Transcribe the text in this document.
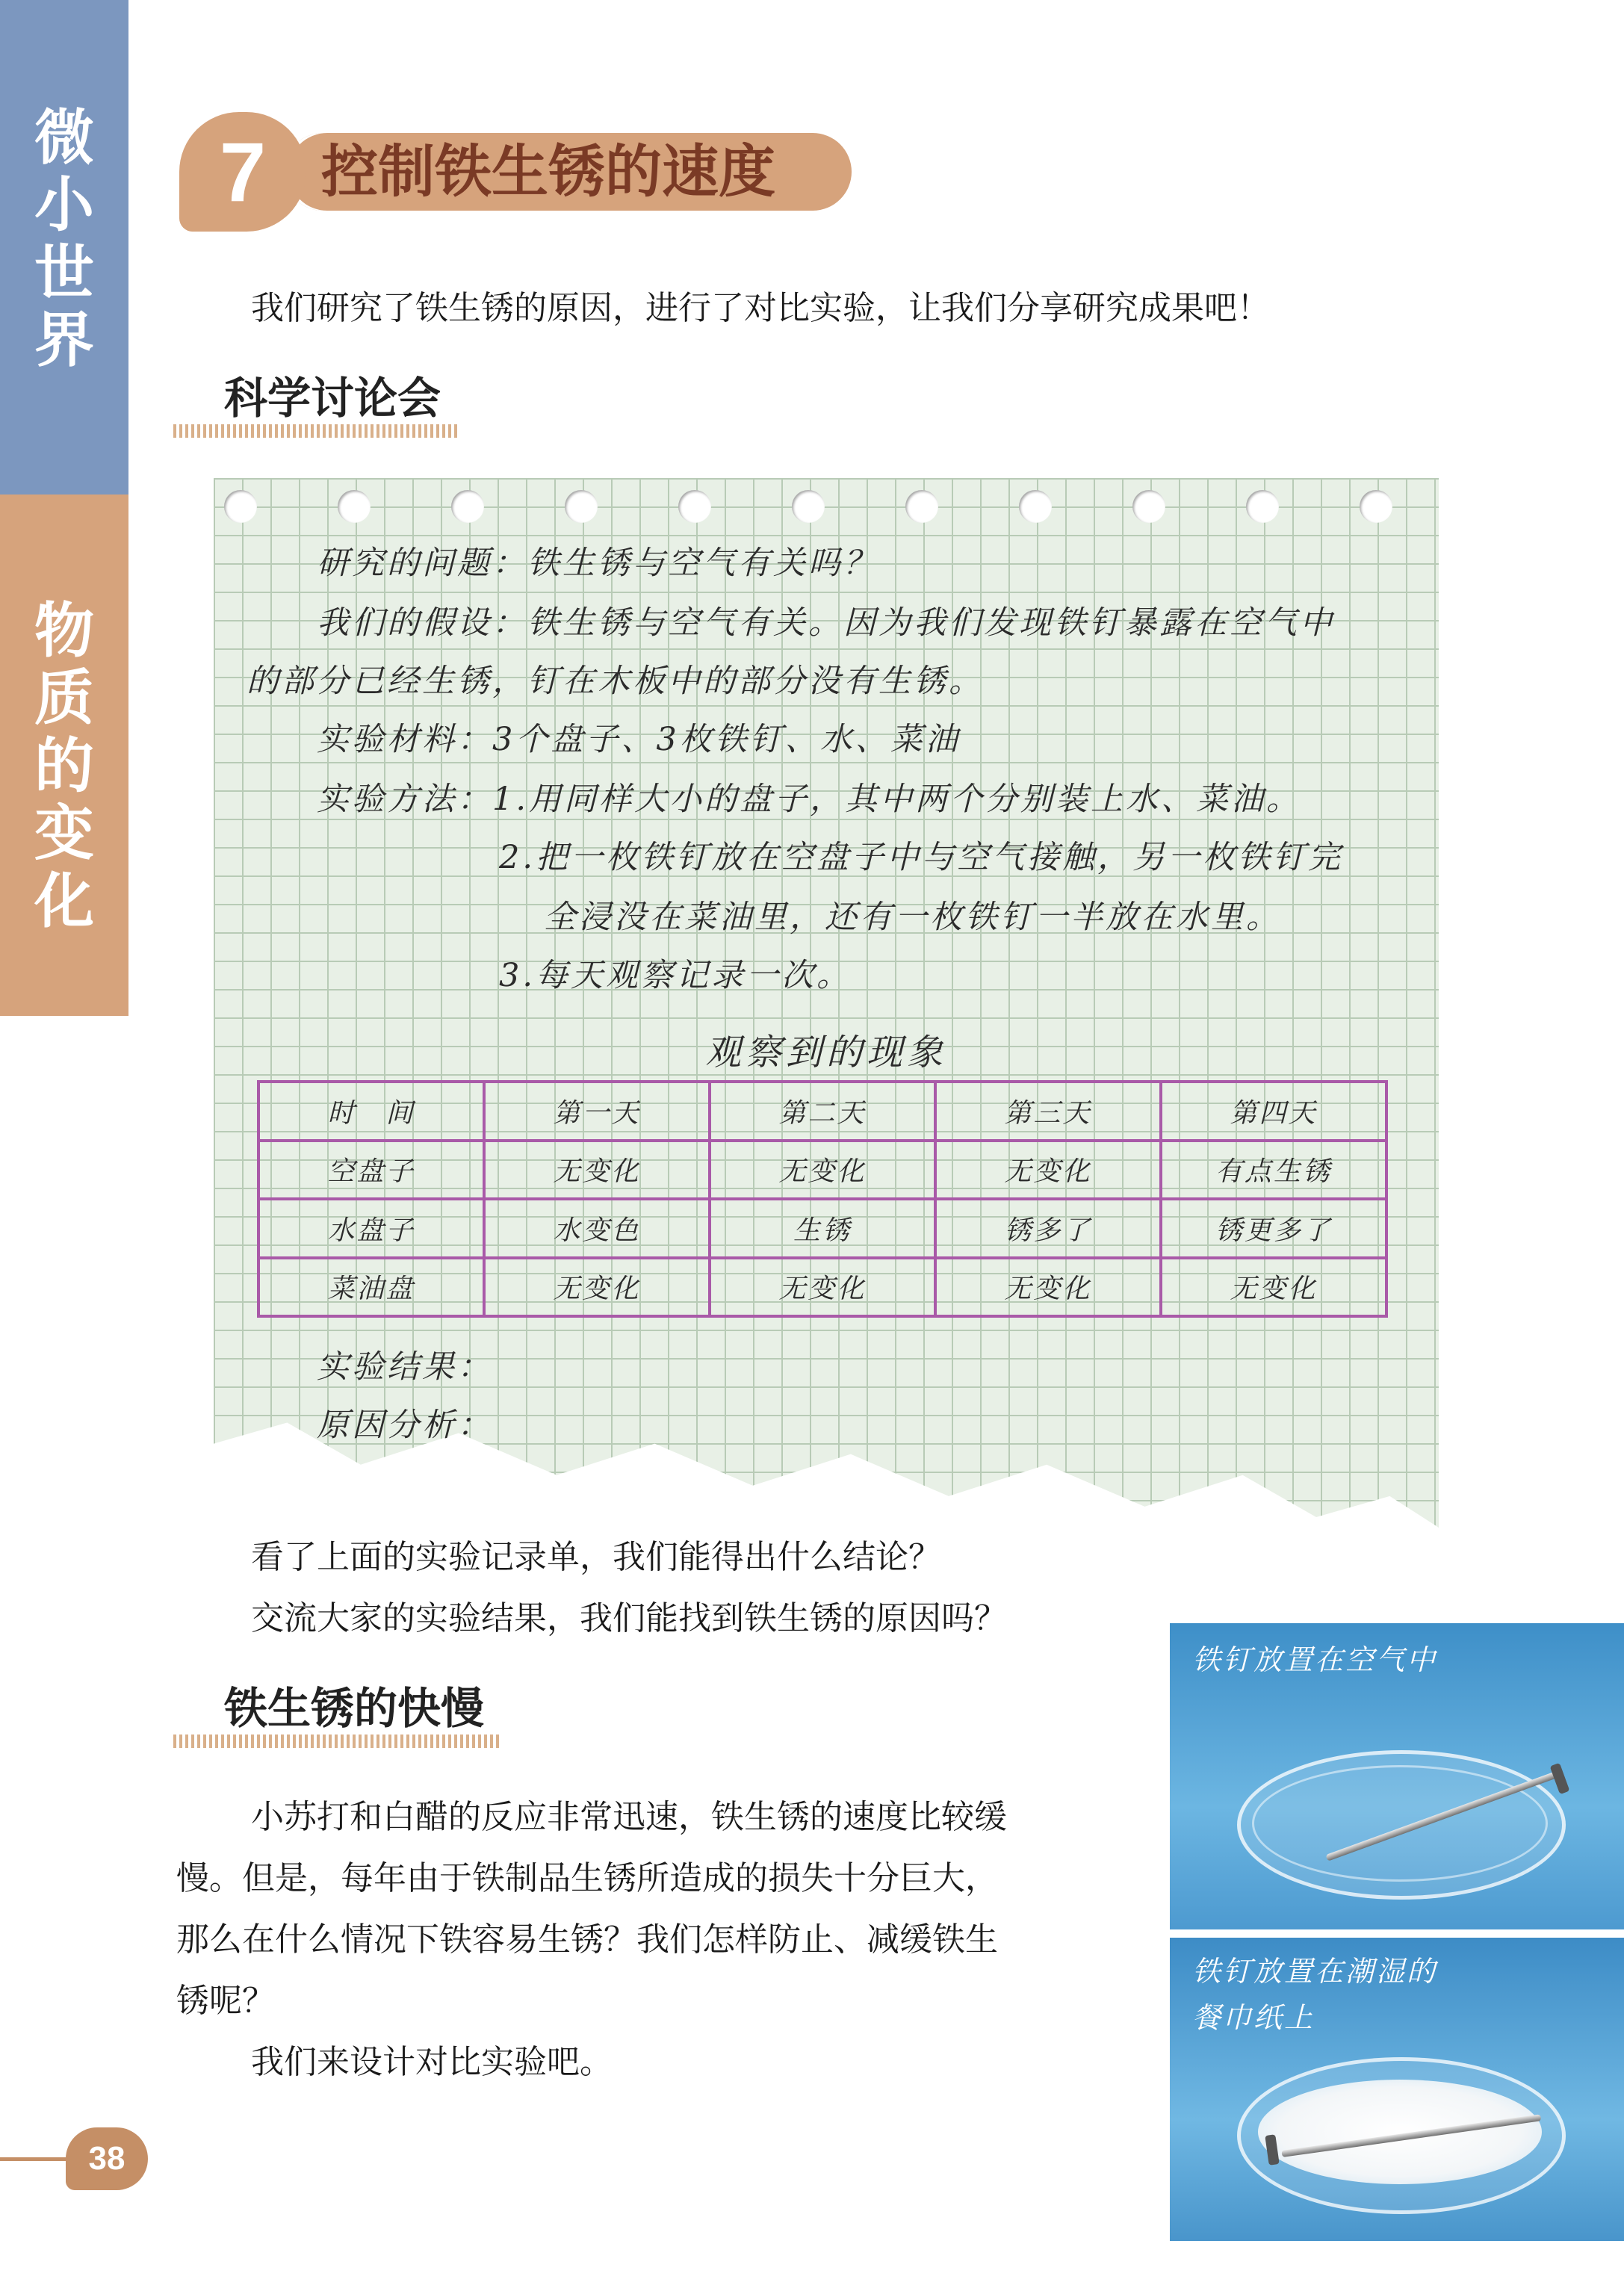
微
小
世
界
物
质
的
变
化
7 控制铁生锈的速度
我们研究了铁生锈的原因，进行了对比实验，让我们分享研究成果吧！
科学讨论会
研究的问题：铁生锈与空气有关吗？
我们的假设：铁生锈与空气有关。因为我们发现铁钉暴露在空气中
的部分已经生锈，钉在木板中的部分没有生锈。
实验材料：3个盘子、3枚铁钉、水、菜油
实验方法：1.用同样大小的盘子，其中两个分别装上水、菜油。
2.把一枚铁钉放在空盘子中与空气接触，另一枚铁钉完
全浸没在菜油里，还有一枚铁钉一半放在水里。
3.每天观察记录一次。
观察到的现象
时　间	第一天	第二天	第三天	第四天
空盘子	无变化	无变化	无变化	有点生锈
水盘子	水变色	生锈	锈多了	锈更多了
菜油盘	无变化	无变化	无变化	无变化
实验结果：
原因分析：
看了上面的实验记录单，我们能得出什么结论？
交流大家的实验结果，我们能找到铁生锈的原因吗？
铁生锈的快慢
小苏打和白醋的反应非常迅速，铁生锈的速度比较缓
慢。但是，每年由于铁制品生锈所造成的损失十分巨大，
那么在什么情况下铁容易生锈？我们怎样防止、减缓铁生
锈呢？
我们来设计对比实验吧。
铁钉放置在空气中
铁钉放置在潮湿的
餐巾纸上
38
